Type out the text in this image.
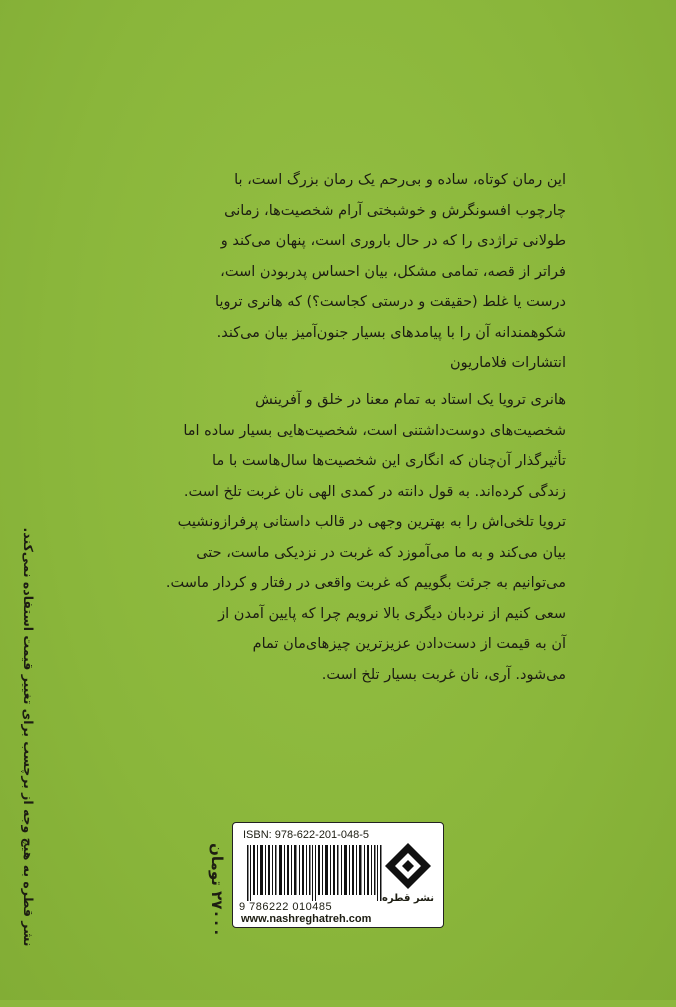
این رمان کوتاه، ساده و بی‌رحم یک رمان بزرگ است، با

چارچوب افسونگرش و خوشبختی آرام شخصیت‌ها، زمانی

طولانی تراژدی را که در حال باروری است، پنهان می‌کند و

فراتر از قصه، تمامی مشکل، بیان احساس پدربودن است،

درست یا غلط (حقیقت و درستی کجاست؟) که هانری ترویا

شکوهمندانه آن را با پیامدهای بسیار جنون‌آمیز بیان می‌کند.

انتشارات فلاماریون

هانری ترویا یک استاد به تمام معنا در خلق و آفرینش

شخصیت‌های دوست‌داشتنی است، شخصیت‌هایی بسیار ساده اما

تأثیرگذار آن‌چنان که انگاری این شخصیت‌ها سال‌هاست با ما

زندگی کرده‌اند. به قول دانته در کمدی الهی نان غربت تلخ است.

ترویا تلخی‌اش را به بهترین وجهی در قالب داستانی پرفرازونشیب

بیان می‌کند و به ما می‌آموزد که غربت در نزدیکی ماست، حتی

می‌توانیم به جرئت بگوییم که غربت واقعی در رفتار و کردار ماست.

سعی کنیم از نردبان دیگری بالا نرویم چرا که پایین آمدن از

آن به قیمت از دست‌دادن عزیزترین چیزهای‌مان تمام

می‌شود. آری، نان غربت بسیار تلخ است.

نشر قطره به هیچ وجه از برچسب برای تغییر قیمت استفاده نمی‌کند.	۲۷۰۰۰ تومان
ISBN: 978-622-201-048-5
9 786222 010485
www.nashreghatreh.com
نشر قطره
